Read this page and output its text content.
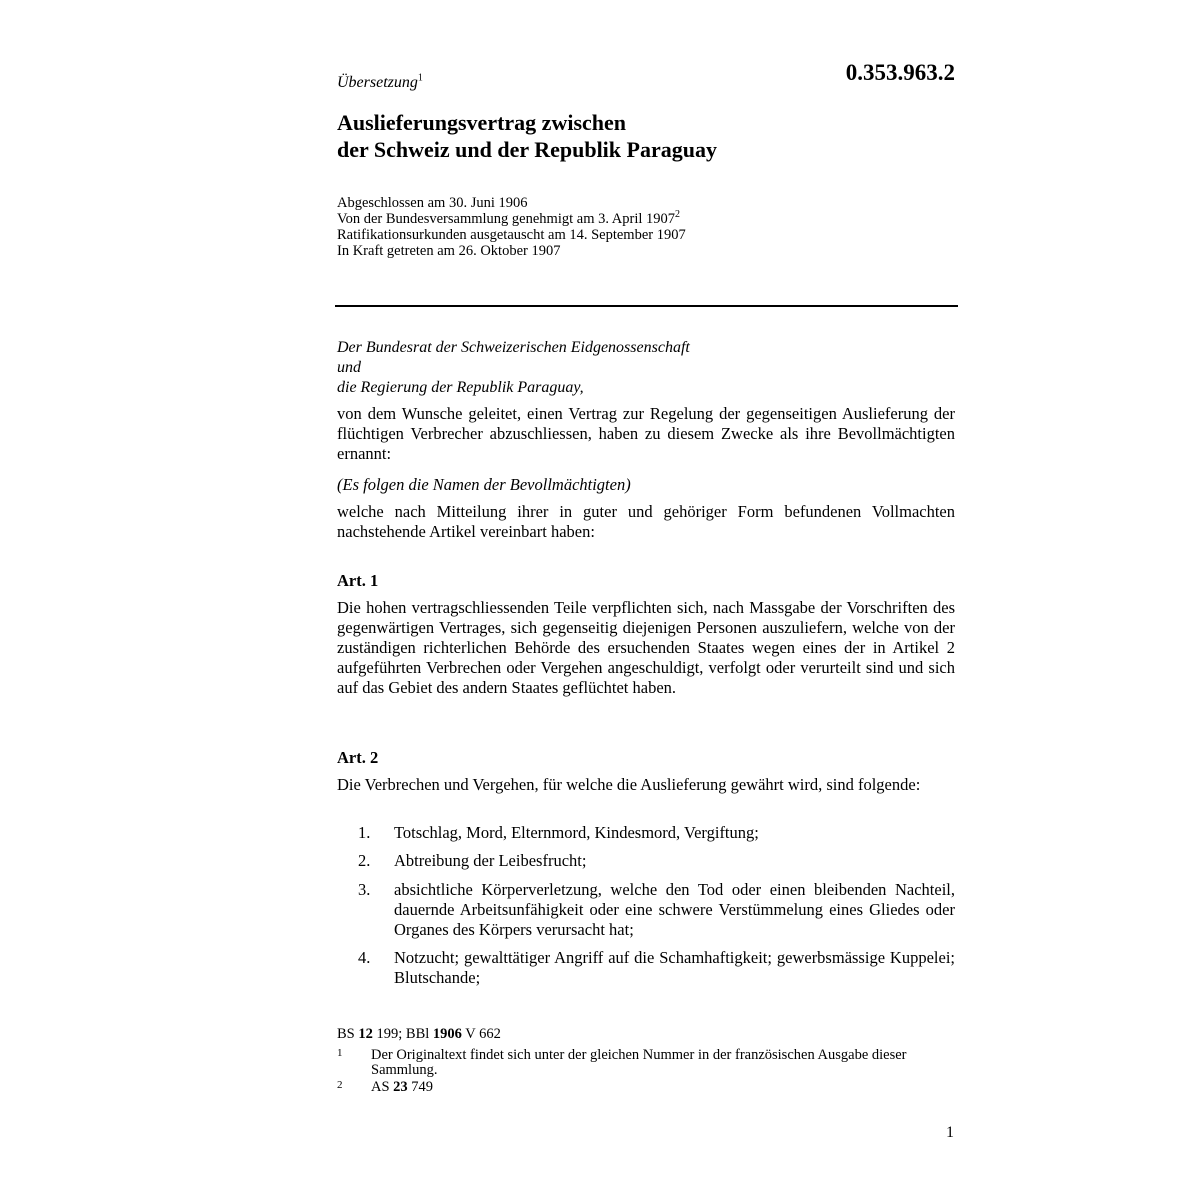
Übersetzung$^1$	0.353.963.2
Auslieferungsvertrag zwischen
der Schweiz und der Republik Paraguay
Abgeschlossen am 30. Juni 1906
Von der Bundesversammlung genehmigt am 3. April 1907$^2$
Ratifikationsurkunden ausgetauscht am 14. September 1907
In Kraft getreten am 26. Oktober 1907
Der Bundesrat der Schweizerischen Eidgenossenschaft
und
die Regierung der Republik Paraguay,
von dem Wunsche geleitet, einen Vertrag zur Regelung der gegenseitigen Auslieferung der flüchtigen Verbrecher abzuschliessen, haben zu diesem Zwecke als ihre Bevollmächtigten ernannt:
(Es folgen die Namen der Bevollmächtigten)
welche nach Mitteilung ihrer in guter und gehöriger Form befundenen Vollmachten nachstehende Artikel vereinbart haben:
Art. 1
Die hohen vertragschliessenden Teile verpflichten sich, nach Massgabe der Vorschriften des gegenwärtigen Vertrages, sich gegenseitig diejenigen Personen auszuliefern, welche von der zuständigen richterlichen Behörde des ersuchenden Staates wegen eines der in Artikel 2 aufgeführten Verbrechen oder Vergehen angeschuldigt, verfolgt oder verurteilt sind und sich auf das Gebiet des andern Staates geflüchtet haben.
Art. 2
Die Verbrechen und Vergehen, für welche die Auslieferung gewährt wird, sind folgende:
1. Totschlag, Mord, Elternmord, Kindesmord, Vergiftung;
2. Abtreibung der Leibesfrucht;
3. absichtliche Körperverletzung, welche den Tod oder einen bleibenden Nachteil, dauernde Arbeitsunfähigkeit oder eine schwere Verstümmelung eines Gliedes oder Organes des Körpers verursacht hat;
4. Notzucht; gewalttätiger Angriff auf die Schamhaftigkeit; gewerbsmässige Kuppelei; Blutschande;
BS 12 199; BBl 1906 V 662
1 Der Originaltext findet sich unter der gleichen Nummer in der französischen Ausgabe dieser Sammlung.
2 AS 23 749
1
